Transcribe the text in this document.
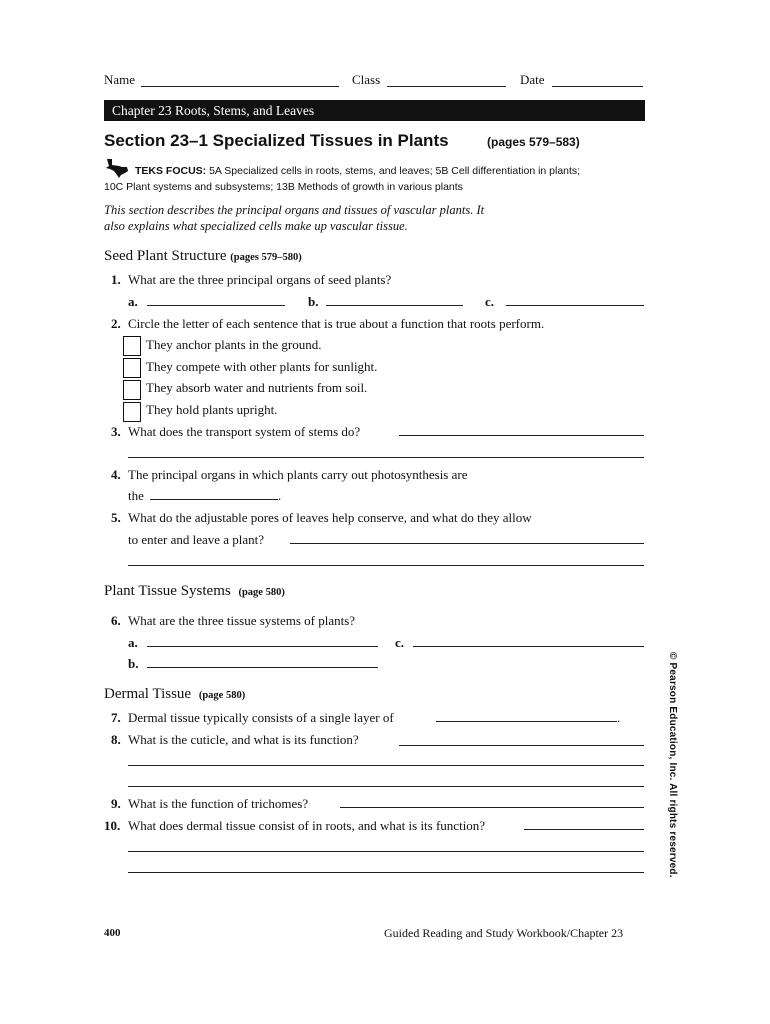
Name	Class	Date
Chapter 23 Roots, Stems, and Leaves
Section 23–1 Specialized Tissues in Plants	(pages 579–583)
TEKS FOCUS: 5A Specialized cells in roots, stems, and leaves; 5B Cell differentiation in plants;
10C Plant systems and subsystems; 13B Methods of growth in various plants
This section describes the principal organs and tissues of vascular plants. It
also explains what specialized cells make up vascular tissue.
Seed Plant Structure (pages 579–580)
1. What are the three principal organs of seed plants?
a.	b.	c.
2. Circle the letter of each sentence that is true about a function that roots perform.
They anchor plants in the ground.
They compete with other plants for sunlight.
They absorb water and nutrients from soil.
They hold plants upright.
3. What does the transport system of stems do?
4. The principal organs in which plants carry out photosynthesis are
the	.
5. What do the adjustable pores of leaves help conserve, and what do they allow
to enter and leave a plant?
Plant Tissue Systems (page 580)
6. What are the three tissue systems of plants?
a.	c.
b.
Dermal Tissue (page 580)
7. Dermal tissue typically consists of a single layer of	.
8. What is the cuticle, and what is its function?
9. What is the function of trichomes?
10. What does dermal tissue consist of in roots, and what is its function?	© Pearson Education, Inc. All rights reserved.
400	Guided Reading and Study Workbook/Chapter 23
